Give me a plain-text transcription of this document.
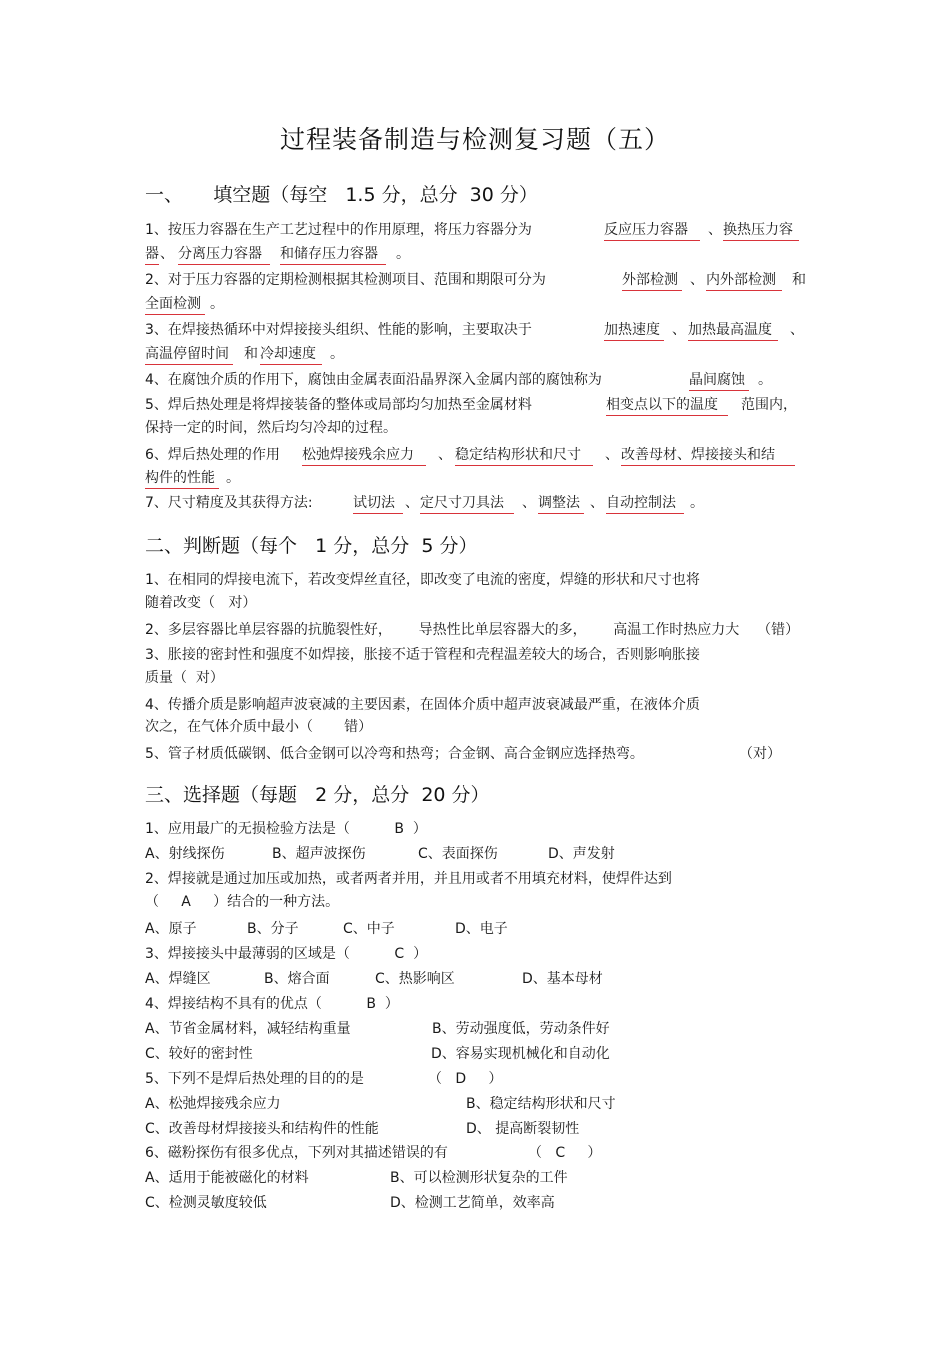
过程装备制造与检测复习题（五）
一、     填空题（每空   1.5 分，总分  30 分）
1、按压力容器在生产工艺过程中的作用原理，将压力容器分为	反应压力容器	、 换热压力容
器 、 分离压力容器	和储存压力容器	。
2、对于压力容器的定期检测根据其检测项目、范围和期限可分为	外部检测 、 内外部检测	和
全面检测 。
3、在焊接热循环中对焊接接头组织、性能的影响，主要取决于	加热速度 、 加热最高温度	、
高温停留时间 和 冷却速度	。
4、在腐蚀介质的作用下，腐蚀由金属表面沿晶界深入金属内部的腐蚀称为	晶间腐蚀 。
5、焊后热处理是将焊接装备的整体或局部均匀加热至金属材料	相变点以下的温度	范围内，
保持一定的时间，然后均匀冷却的过程。
6、焊后热处理的作用 松弛焊接残余应力	、 稳定结构形状和尺寸	、 改善母材、焊接接头和结
构件的性能 。
7、尺寸精度及其获得方法:	试切法 、 定尺寸刀具法	、 调整法 、 自动控制法	。
二、判断题（每个   1 分，总分  5 分）
1、在相同的焊接电流下，若改变焊丝直径，即改变了电流的密度，焊缝的形状和尺寸也将
随着改变（   对）
2、多层容器比单层容器的抗脆裂性好，      导热性比单层容器大的多，      高温工作时热应力大    （错）
3、胀接的密封性和强度不如焊接，胀接不适于管程和壳程温差较大的场合，否则影响胀接
质量（  对）
4、传播介质是影响超声波衰减的主要因素，在固体介质中超声波衰减最严重，在液体介质
次之，在气体介质中最小（       错）
5、管子材质低碳钢、低合金钢可以冷弯和热弯；合金钢、高合金钢应选择热弯。	（对）
三、选择题（每题   2 分，总分  20 分）
1、应用最广的无损检验方法是（          B  ）
A、射线探伤	B、超声波探伤	C、表面探伤	D、声发射
2、焊接就是通过加压或加热，或者两者并用，并且用或者不用填充材料，使焊件达到
（     A     ）结合的一种方法。
A、原子	B、分子	C、中子	D、电子
3、焊接接头中最薄弱的区域是（          C  ）
A、焊缝区	B、熔合面	C、热影响区	D、基本母材
4、焊接结构不具有的优点（          B  ）
A、节省金属材料，减轻结构重量	B、劳动强度低，劳动条件好
C、较好的密封性	D、容易实现机械化和自动化
5、下列不是焊后热处理的目的的是	（   D     ）
A、松弛焊接残余应力	B、稳定结构形状和尺寸
C、改善母材焊接接头和结构件的性能	D、 提高断裂韧性
6、磁粉探伤有很多优点，下列对其描述错误的有	（   C     ）
A、适用于能被磁化的材料	B、可以检测形状复杂的工件
C、检测灵敏度较低	D、检测工艺简单，效率高
